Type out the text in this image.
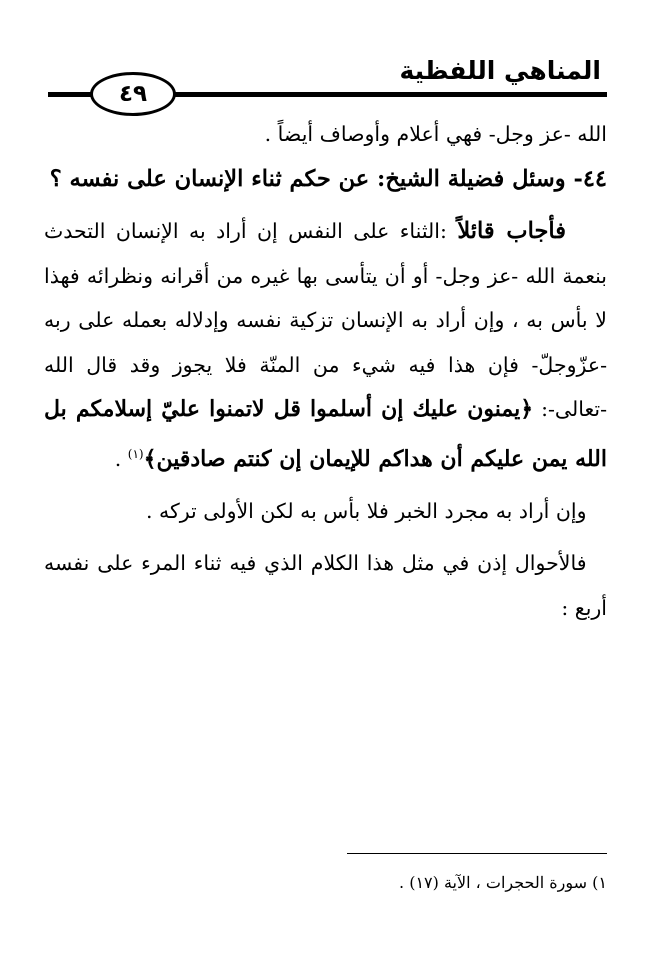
المناهي اللفظية
٤٩

الله -عز وجل- فهي أعلام وأوصاف أيضاً .

٤٤- وسئل فضيلة الشيخ: عن حكم ثناء الإنسان على نفسه ؟

  فأجاب قائلاً :الثناء على النفس إن أراد به الإنسان التحدث بنعمة الله -عز وجل- أو أن يتأسى بها غيره من أقرانه ونظرائه فهذا لا بأس به ، وإن أراد به الإنسان تزكية نفسه وإدلاله بعمله على ربه -عزّوجلّ- فإن هذا فيه شيء من المنّة فلا يجوز وقد قال الله -تعالى-: ﴿يمنون عليك إن أسلموا قل لاتمنوا عليّ إسلامكم بل الله يمن عليكم أن هداكم للإيمان إن كنتم صادقين﴾$^{(١)}$ .

 وإن أراد به مجرد الخبر فلا بأس به لكن الأولى تركه .

 فالأحوال إذن في مثل هذا الكلام الذي فيه ثناء المرء على نفسه أربع :

١) سورة الحجرات ، الآية (١٧) .
